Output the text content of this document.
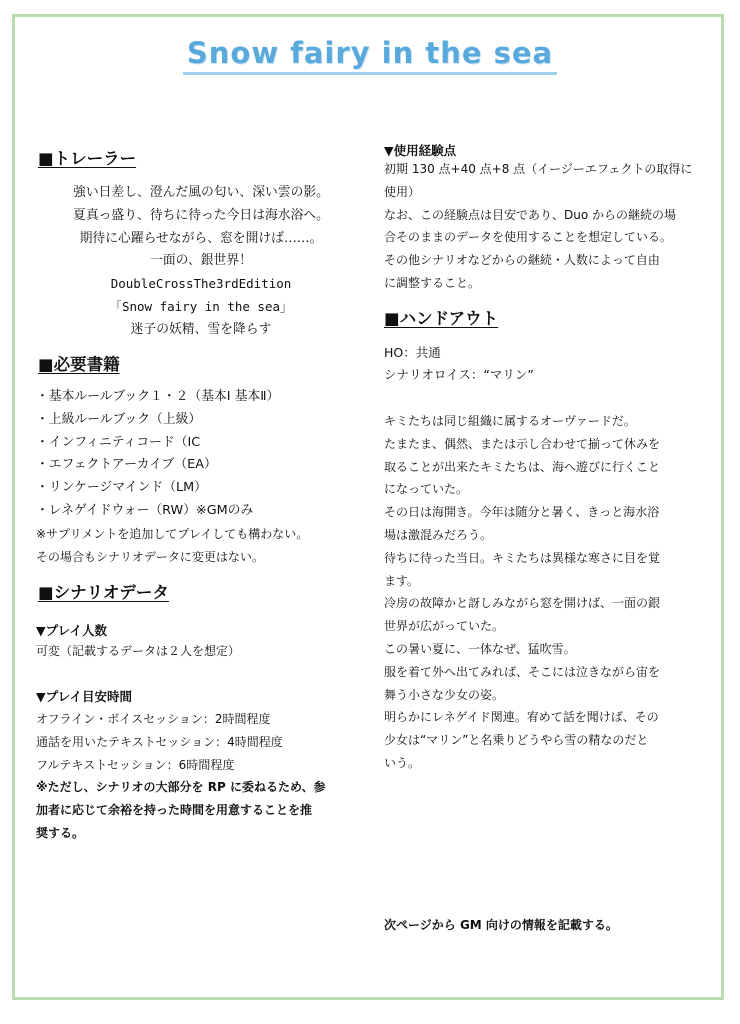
Snow fairy in the sea
■トレーラー
強い日差し、澄んだ風の匂い、深い雲の影。
夏真っ盛り、待ちに待った今日は海水浴へ。
期待に心躍らせながら、窓を開けば……。
一面の、銀世界！
DoubleCrossThe3rdEdition
「Snow fairy in the sea」
迷子の妖精、雪を降らす
■必要書籍
・基本ルールブック１・２（基本Ⅰ 基本Ⅱ）
・上級ルールブック（上級）
・インフィニティコード（IC
・エフェクトアーカイブ（EA）
・リンケージマインド（LM）
・レネゲイドウォー（RW）※GMのみ
※サプリメントを追加してプレイしても構わない。
その場合もシナリオデータに変更はない。
■シナリオデータ
▼プレイ人数
可変（記載するデータは２人を想定）
▼プレイ目安時間
オフライン・ボイスセッション：2時間程度
通話を用いたテキストセッション：4時間程度
フルテキストセッション：6時間程度
※ただし、シナリオの大部分を RP に委ねるため、参
加者に応じて余裕を持った時間を用意することを推
奨する。
▼使用経験点
初期 130 点+40 点+8 点（イージーエフェクトの取得に
使用）
なお、この経験点は目安であり、Duo からの継続の場
合そのままのデータを使用することを想定している。
その他シナリオなどからの継続・人数によって自由
に調整すること。
■ハンドアウト
HO：共通
シナリオロイス：“マリン”
キミたちは同じ組織に属するオーヴァードだ。
たまたま、偶然、または示し合わせて揃って休みを
取ることが出来たキミたちは、海へ遊びに行くこと
になっていた。
その日は海開き。今年は随分と暑く、きっと海水浴
場は激混みだろう。
待ちに待った当日。キミたちは異様な寒さに目を覚
ます。
冷房の故障かと訝しみながら窓を開けば、一面の銀
世界が広がっていた。
この暑い夏に、一体なぜ、猛吹雪。
服を着て外へ出てみれば、そこには泣きながら宙を
舞う小さな少女の姿。
明らかにレネゲイド関連。宥めて話を聞けば、その
少女は“マリン”と名乗りどうやら雪の精なのだと
いう。
次ページから GM 向けの情報を記載する。
